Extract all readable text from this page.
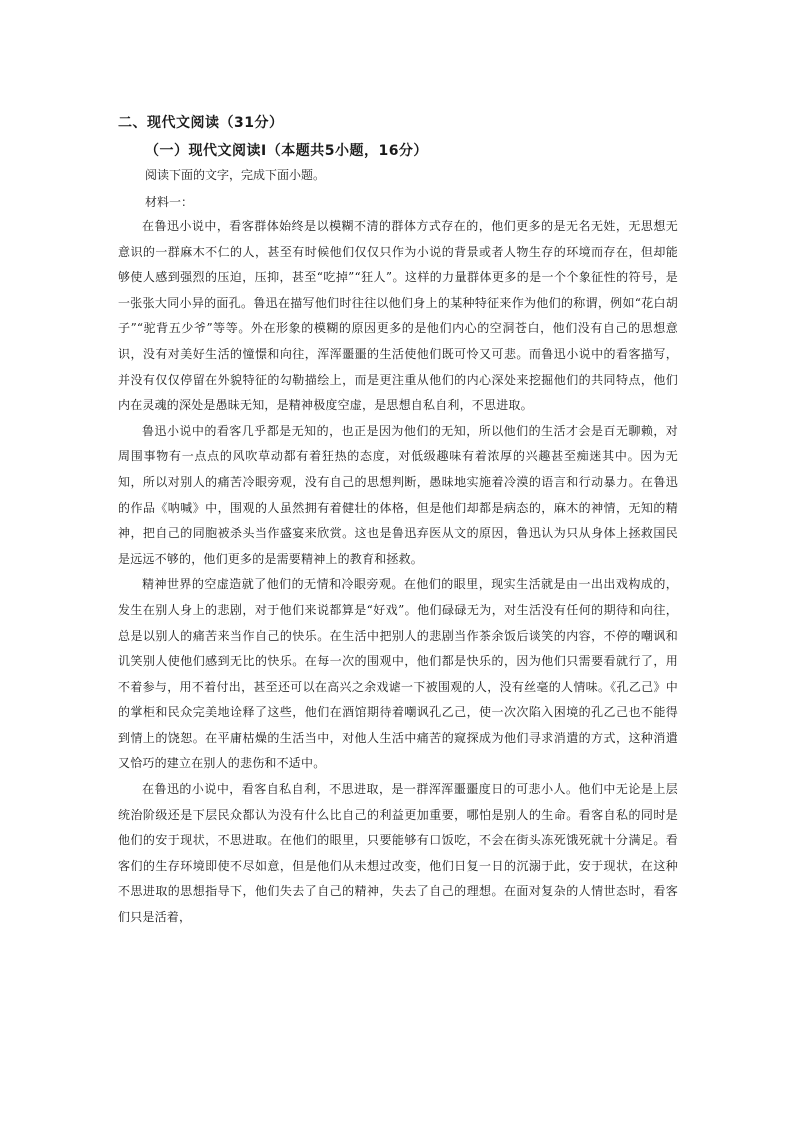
二、现代文阅读（31分）
（一）现代文阅读Ⅰ（本题共5小题，16分）
阅读下面的文字，完成下面小题。
材料一：

在鲁迅小说中，看客群体始终是以模糊不清的群体方式存在的，他们更多的是无名无姓，无思想无意识的一群麻木不仁的人，甚至有时候他们仅仅只作为小说的背景或者人物生存的环境而存在，但却能够使人感到强烈的压迫，压抑，甚至“吃掉”“狂人”。这样的力量群体更多的是一个个象征性的符号，是一张张大同小异的面孔。鲁迅在描写他们时往往以他们身上的某种特征来作为他们的称谓，例如“花白胡子”“驼背五少爷”等等。外在形象的模糊的原因更多的是他们内心的空洞苍白，他们没有自己的思想意识，没有对美好生活的憧憬和向往，浑浑噩噩的生活使他们既可怜又可悲。而鲁迅小说中的看客描写，并没有仅仅停留在外貌特征的勾勒描绘上，而是更注重从他们的内心深处来挖掘他们的共同特点，他们内在灵魂的深处是愚昧无知，是精神极度空虚，是思想自私自利，不思进取。

鲁迅小说中的看客几乎都是无知的，也正是因为他们的无知，所以他们的生活才会是百无聊赖，对周围事物有一点点的风吹草动都有着狂热的态度，对低级趣味有着浓厚的兴趣甚至痴迷其中。因为无知，所以对别人的痛苦冷眼旁观，没有自己的思想判断，愚昧地实施着冷漠的语言和行动暴力。在鲁迅的作品《呐喊》中，围观的人虽然拥有着健壮的体格，但是他们却都是病态的，麻木的神情，无知的精神，把自己的同胞被杀头当作盛宴来欣赏。这也是鲁迅弃医从文的原因，鲁迅认为只从身体上拯救国民是远远不够的，他们更多的是需要精神上的教育和拯救。

精神世界的空虚造就了他们的无情和冷眼旁观。在他们的眼里，现实生活就是由一出出戏构成的，发生在别人身上的悲剧，对于他们来说都算是“好戏”。他们碌碌无为，对生活没有任何的期待和向往，总是以别人的痛苦来当作自己的快乐。在生活中把别人的悲剧当作茶余饭后谈笑的内容，不停的嘲讽和讥笑别人使他们感到无比的快乐。在每一次的围观中，他们都是快乐的，因为他们只需要看就行了，用不着参与，用不着付出，甚至还可以在高兴之余戏谑一下被围观的人，没有丝毫的人情味。《孔乙己》中的掌柜和民众完美地诠释了这些，他们在酒馆期待着嘲讽孔乙己，使一次次陷入困境的孔乙己也不能得到情上的饶恕。在平庸枯燥的生活当中，对他人生活中痛苦的窥探成为他们寻求消遣的方式，这种消遣又恰巧的建立在别人的悲伤和不适中。

在鲁迅的小说中，看客自私自利，不思进取，是一群浑浑噩噩度日的可悲小人。他们中无论是上层统治阶级还是下层民众都认为没有什么比自己的利益更加重要，哪怕是别人的生命。看客自私的同时是他们的安于现状，不思进取。在他们的眼里，只要能够有口饭吃，不会在街头冻死饿死就十分满足。看客们的生存环境即使不尽如意，但是他们从未想过改变，他们日复一日的沉溺于此，安于现状，在这种不思进取的思想指导下，他们失去了自己的精神，失去了自己的理想。在面对复杂的人情世态时，看客们只是活着，
